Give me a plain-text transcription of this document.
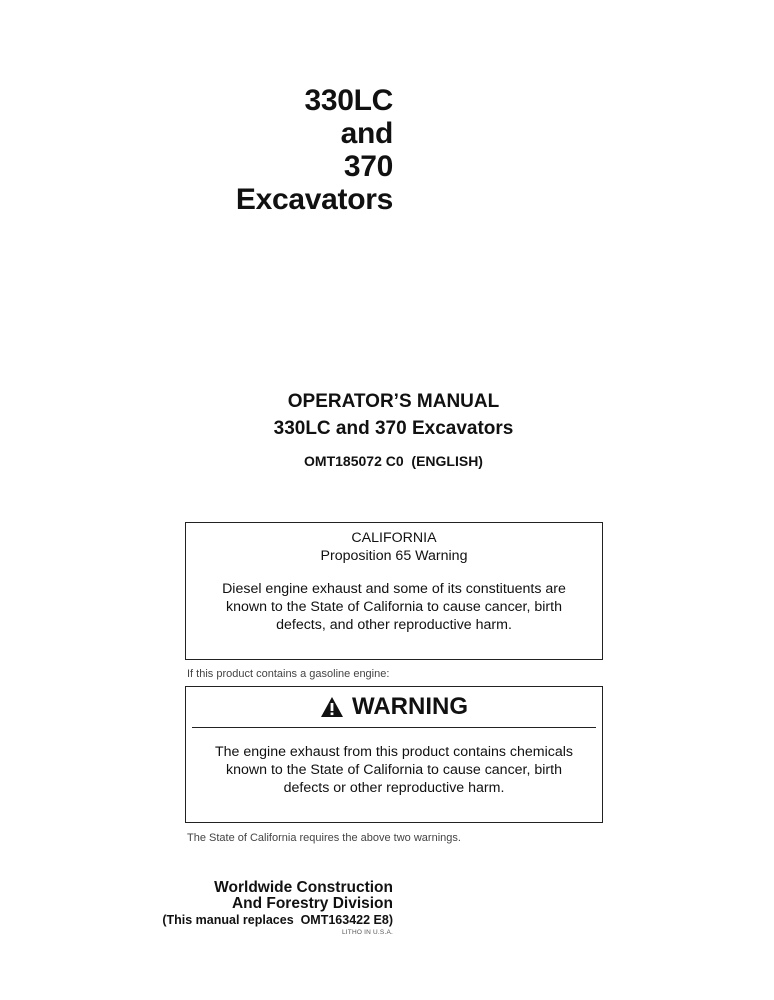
330LC
and
370
Excavators
OPERATOR’S MANUAL
330LC and 370 Excavators
OMT185072 C0  (ENGLISH)
CALIFORNIA
Proposition 65 Warning
Diesel engine exhaust and some of its constituents are
known to the State of California to cause cancer, birth
defects, and other reproductive harm.
If this product contains a gasoline engine:
WARNING
The engine exhaust from this product contains chemicals
known to the State of California to cause cancer, birth
defects or other reproductive harm.
The State of California requires the above two warnings.
Worldwide Construction
And Forestry Division
(This manual replaces  OMT163422 E8)
LITHO IN U.S.A.
